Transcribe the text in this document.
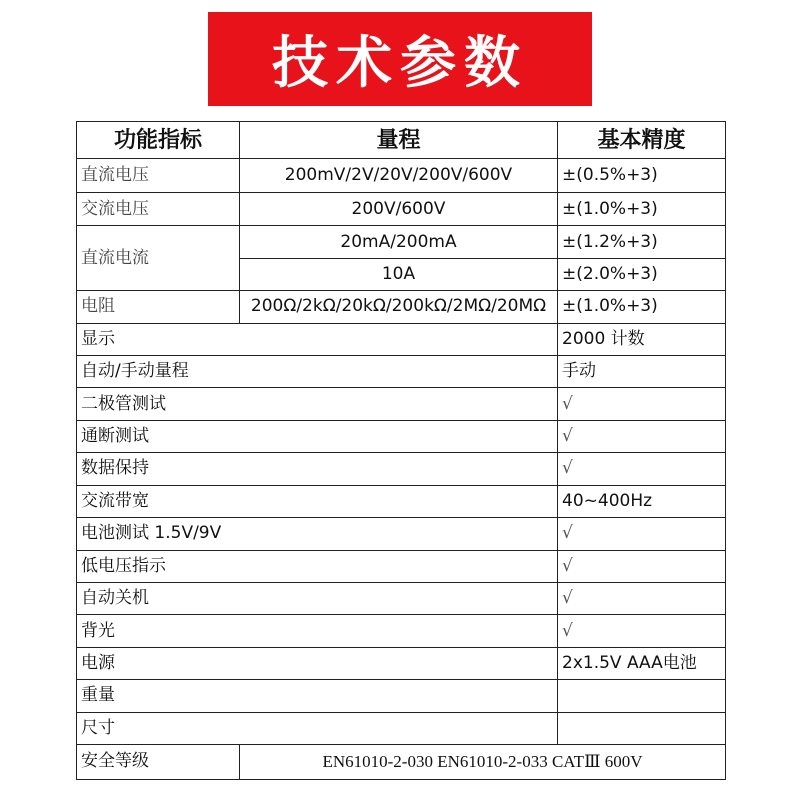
技术参数
功能指标	量程	基本精度
直流电压	200mV/2V/20V/200V/600V	±(0.5%+3)
交流电压	200V/600V	±(1.0%+3)
直流电流	20mA/200mA	±(1.2%+3)
	10A	±(2.0%+3)
电阻	200Ω/2kΩ/20kΩ/200kΩ/2MΩ/20MΩ	±(1.0%+3)
显示		2000 计数
自动/手动量程		手动
二极管测试		√
通断测试		√
数据保持		√
交流带宽		40~400Hz
电池测试 1.5V/9V		√
低电压指示		√
自动关机		√
背光		√
电源		2x1.5V AAA电池
重量		
尺寸		
安全等级	EN61010-2-030 EN61010-2-033 CATⅢ 600V	
